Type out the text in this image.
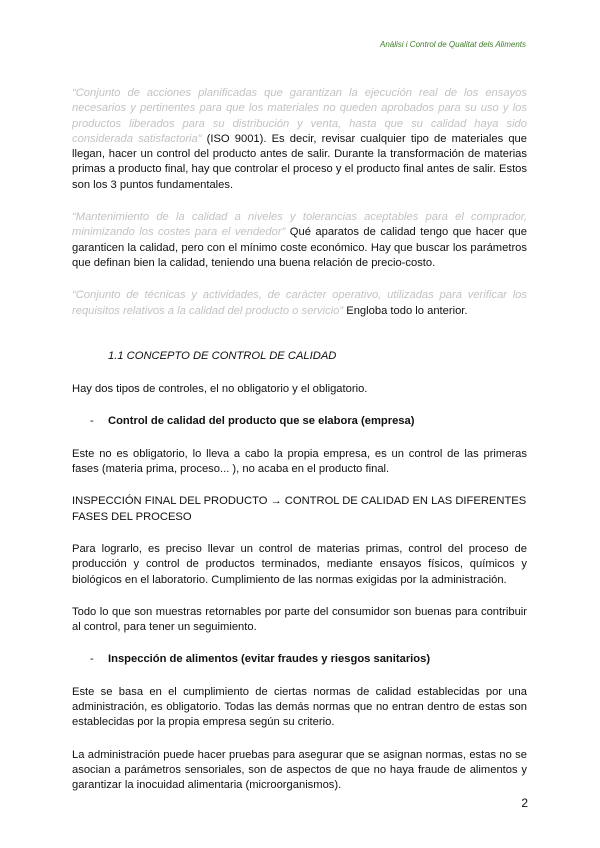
Anàlisi i Control de Qualitat dels Aliments

“Conjunto de acciones planificadas que garantizan la ejecución real de los ensayos necesarios y pertinentes para que los materiales no queden aprobados para su uso y los productos liberados para su distribución y venta, hasta que su calidad haya sido considerada satisfactoria” (ISO 9001). Es decir, revisar cualquier tipo de materiales que llegan, hacer un control del producto antes de salir. Durante la transformación de materias primas a producto final, hay que controlar el proceso y el producto final antes de salir. Estos son los 3 puntos fundamentales.

“Mantenimiento de la calidad a niveles y tolerancias aceptables para el comprador, minimizando los costes para el vendedor” Qué aparatos de calidad tengo que hacer que garanticen la calidad, pero con el mínimo coste económico. Hay que buscar los parámetros que definan bien la calidad, teniendo una buena relación de precio-costo.

“Conjunto de técnicas y actividades, de carácter operativo, utilizadas para verificar los requisitos relativos a la calidad del producto o servicio” Engloba todo lo anterior.

1.1 CONCEPTO DE CONTROL DE CALIDAD

Hay dos tipos de controles, el no obligatorio y el obligatorio.

-	Control de calidad del producto que se elabora (empresa)

Este no es obligatorio, lo lleva a cabo la propia empresa, es un control de las primeras fases (materia prima, proceso... ), no acaba en el producto final.

INSPECCIÓN FINAL DEL PRODUCTO → CONTROL DE CALIDAD EN LAS DIFERENTES FASES DEL PROCESO

Para lograrlo, es preciso llevar un control de materias primas, control del proceso de producción y control de productos terminados, mediante ensayos físicos, químicos y biológicos en el laboratorio. Cumplimiento de las normas exigidas por la administración.

Todo lo que son muestras retornables por parte del consumidor son buenas para contribuir al control, para tener un seguimiento.

-	Inspección de alimentos (evitar fraudes y riesgos sanitarios)

Este se basa en el cumplimiento de ciertas normas de calidad establecidas por una administración, es obligatorio. Todas las demás normas que no entran dentro de estas son establecidas por la propia empresa según su criterio.

La administración puede hacer pruebas para asegurar que se asignan normas, estas no se asocian a parámetros sensoriales, son de aspectos de que no haya fraude de alimentos y garantizar la inocuidad alimentaria (microorganismos).

2
